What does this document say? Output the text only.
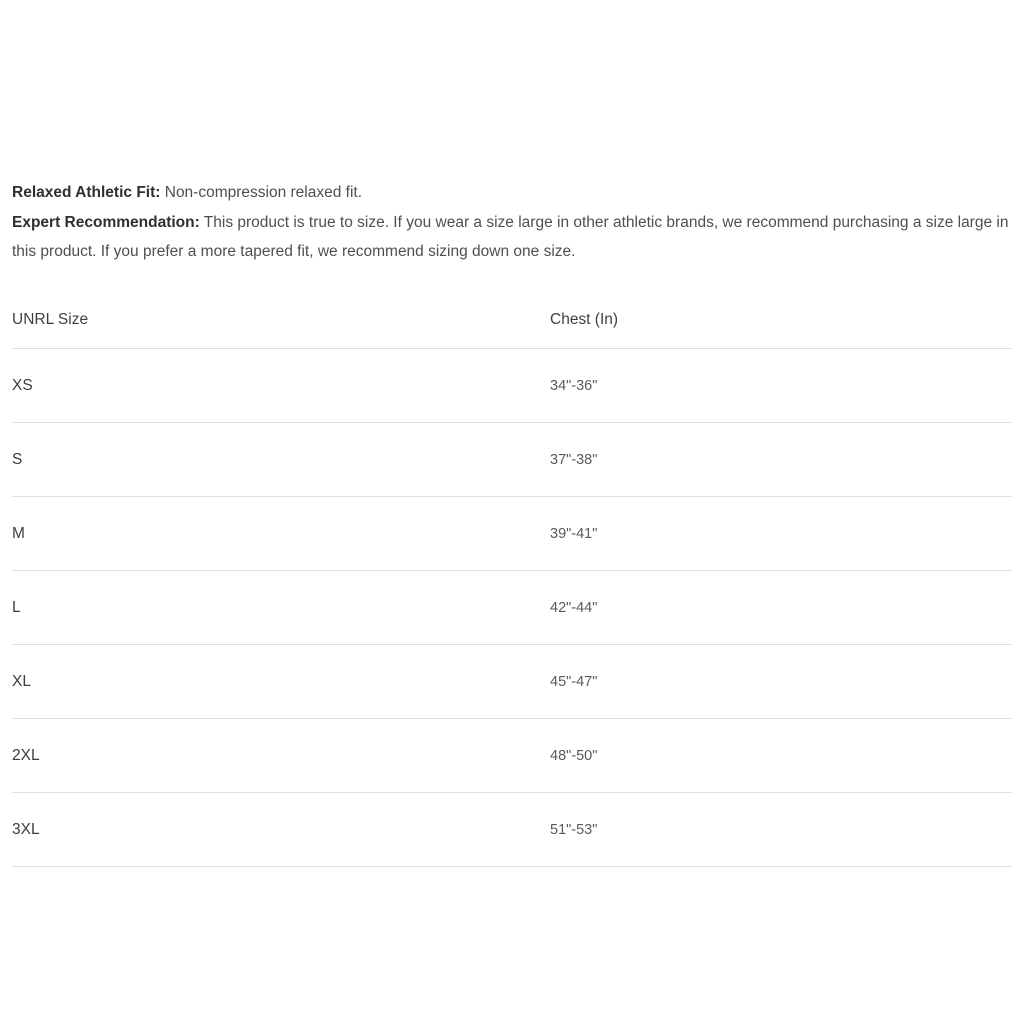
Relaxed Athletic Fit: Non-compression relaxed fit.

Expert Recommendation: This product is true to size. If you wear a size large in other athletic brands, we recommend purchasing a size large in this product. If you prefer a more tapered fit, we recommend sizing down one size.

UNRL Size	Chest (In)
XS	34"-36"
S	37"-38"
M	39"-41"
L	42"-44"
XL	45"-47"
2XL	48"-50"
3XL	51"-53"
